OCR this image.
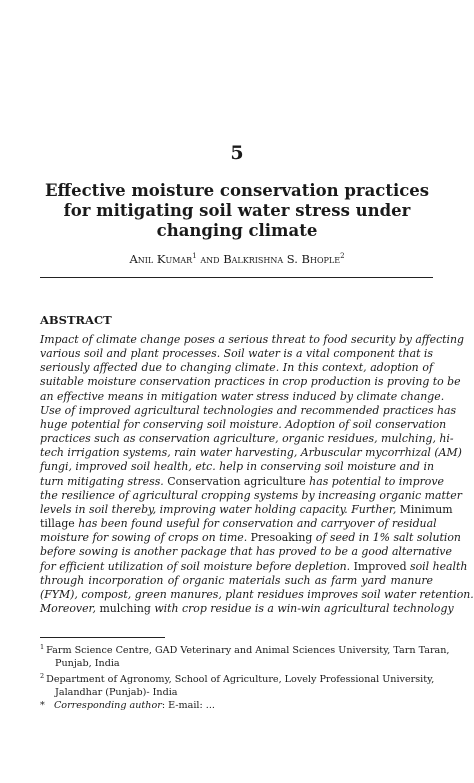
5
Effective moisture conservation practices
for mitigating soil water stress under
changing climate
Anil Kumar$^1$ and Balkrishna S. Bhople$^2$
ABSTRACT
Impact of climate change poses a serious threat to food security by affecting
various soil and plant processes. Soil water is a vital component that is
seriously affected due to changing climate. In this context, adoption of
suitable moisture conservation practices in crop production is proving to be
an effective means in mitigation water stress induced by climate change.
Use of improved agricultural technologies and recommended practices has
huge potential for conserving soil moisture. Adoption of soil conservation
practices such as conservation agriculture, organic residues, mulching, hi-
tech irrigation systems, rain water harvesting, Arbuscular mycorrhizal (AM)
fungi, improved soil health, etc. help in conserving soil moisture and in
turn mitigating stress. Conservation agriculture has potential to improve
the resilience of agricultural cropping systems by increasing organic matter
levels in soil thereby, improving water holding capacity. Further, Minimum
tillage has been found useful for conservation and carryover of residual
moisture for sowing of crops on time. Presoaking of seed in 1% salt solution
before sowing is another package that has proved to be a good alternative
for efficient utilization of soil moisture before depletion. Improved soil health
through incorporation of organic materials such as farm yard manure
(FYM), compost, green manures, plant residues improves soil water retention.
Moreover, mulching with crop residue is a win-win agricultural technology
$^1$ Farm Science Centre, GAD Veterinary and Animal Sciences University, Tarn Taran,
Punjab, India
$^2$ Department of Agronomy, School of Agriculture, Lovely Professional University,
Jalandhar (Punjab)- India
* Corresponding author: E-mail: ...
